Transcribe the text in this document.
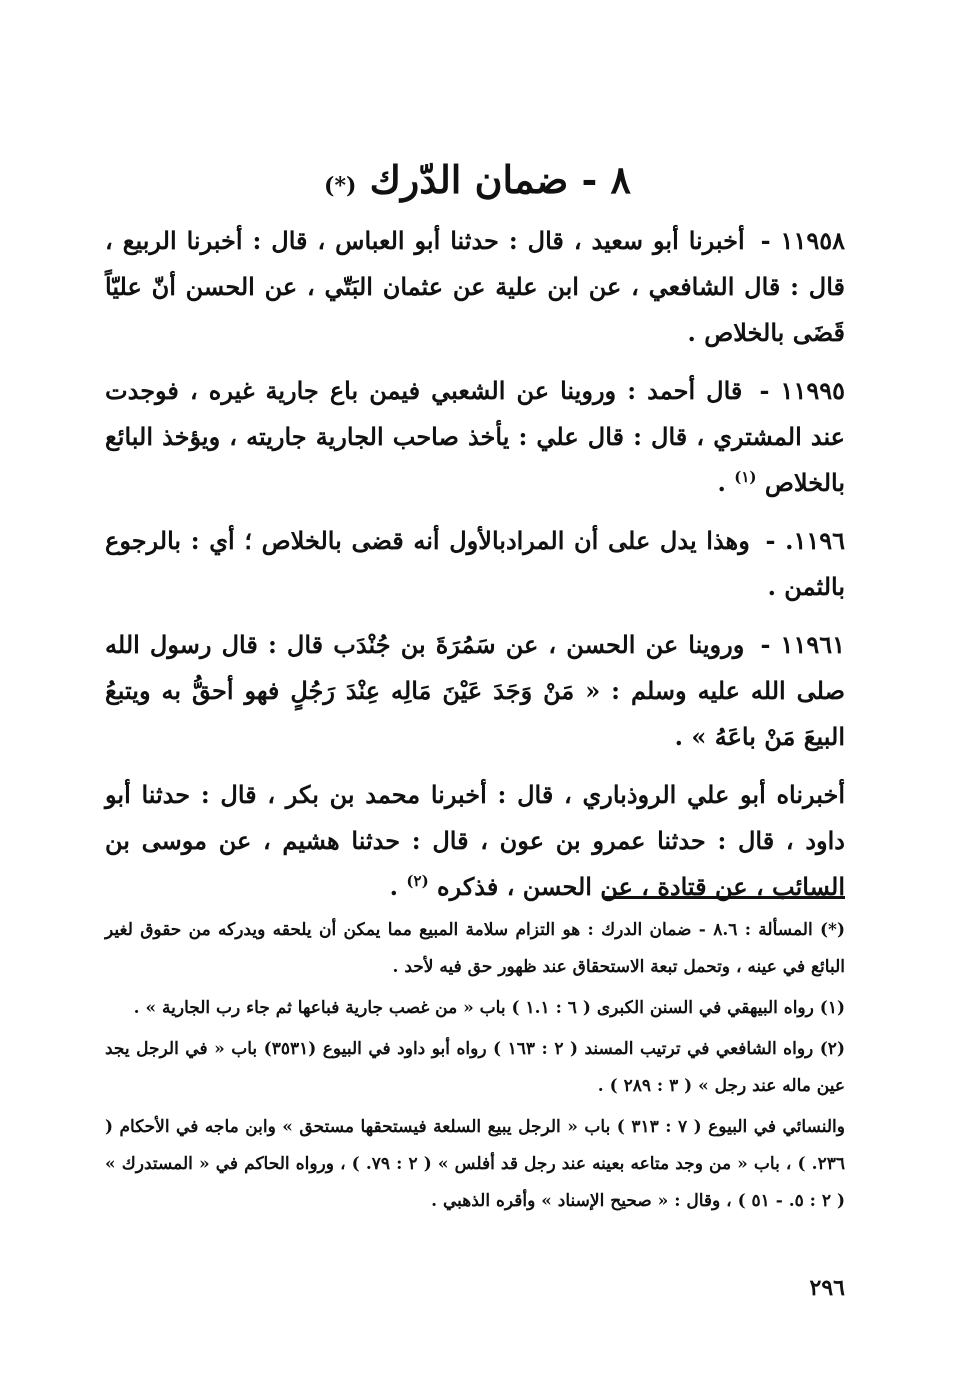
٨ - ضمان الدّرك (*)

١١٩٥٨ - أخبرنا أبو سعيد ، قال : حدثنا أبو العباس ، قال : أخبرنا الربيع ، قال : قال الشافعي ، عن ابن علية عن عثمان البَتّي ، عن الحسن أنّ عليّاً قَضَى بالخلاص .

١١٩٩٥ - قال أحمد : وروينا عن الشعبي فيمن باع جارية غيره ، فوجدت عند المشتري ، قال : قال علي : يأخذ صاحب الجارية جاريته ، ويؤخذ البائع بالخلاص $^{(١)}$ .

١١٩٦. - وهذا يدل على أن المرادبالأول أنه قضى بالخلاص ؛ أي : بالرجوع بالثمن .

١١٩٦١ - وروينا عن الحسن ، عن سَمُرَةَ بن جُنْدَب قال : قال رسول الله صلى الله عليه وسلم : « مَنْ وَجَدَ عَيْنَ مَالِه عِنْدَ رَجُلٍ فهو أحقُّ به ويتبعُ البيعَ مَنْ باعَهُ » .

أخبرناه أبو علي الروذباري ، قال : أخبرنا محمد بن بكر ، قال : حدثنا أبو داود ، قال : حدثنا عمرو بن عون ، قال : حدثنا هشيم ، عن موسى بن السائب ، عن قتادة ، عن الحسن ، فذكره $^{(٢)}$ .

(*) المسألة : ٨.٦ - ضمان الدرك : هو التزام سلامة المبيع مما يمكن أن يلحقه ويدركه من حقوق لغير البائع في عينه ، وتحمل تبعة الاستحقاق عند ظهور حق فيه لأحد .

(١) رواه البيهقي في السنن الكبرى ( ٦ : ١.١ ) باب « من غصب جارية فباعها ثم جاء رب الجارية » .

(٢) رواه الشافعي في ترتيب المسند ( ٢ : ١٦٣ ) رواه أبو داود في البيوع (٣٥٣١) باب « في الرجل يجد عين ماله عند رجل » ( ٣ : ٢٨٩ ) .

والنسائي في البيوع ( ٧ : ٣١٣ ) باب « الرجل يبيع السلعة فيستحقها مستحق » وابن ماجه في الأحكام ( ٢٣٦. ) ، باب « من وجد متاعه بعينه عند رجل قد أفلس » ( ٢ : ٧٩. ) ، ورواه الحاكم في « المستدرك » ( ٢ : ٥. - ٥١ ) ، وقال : « صحيح الإسناد » وأقره الذهبي .

٢٩٦
